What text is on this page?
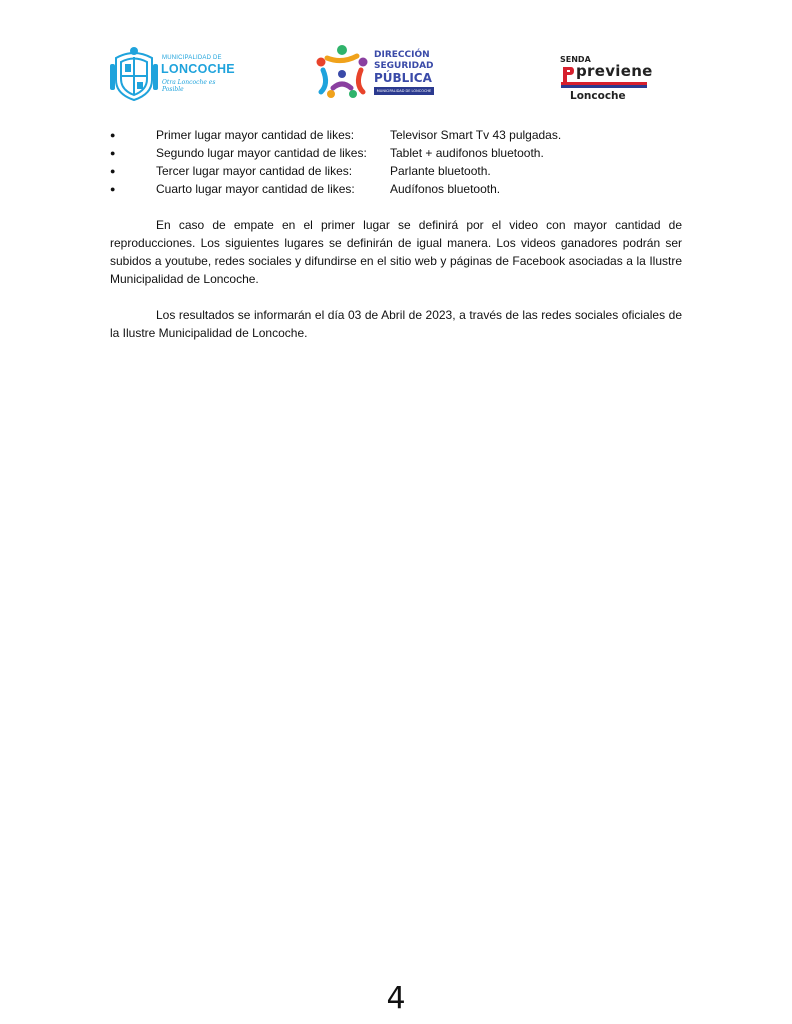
MUNICIPALIDAD DE
LONCOCHE
Otra Loncoche es Posible
DIRECCIÓN
SEGURIDAD
PÚBLICA
MUNICIPALIDAD DE LONCOCHE
SENDA
previene
Loncoche
●	Primer lugar mayor cantidad de likes:	Televisor Smart Tv 43 pulgadas.
●	Segundo lugar mayor cantidad de likes: Tablet + audifonos bluetooth.
●	Tercer lugar mayor cantidad de likes:	Parlante bluetooth.
●	Cuarto lugar mayor cantidad de likes:	Audífonos bluetooth.

En caso de empate en el primer lugar se definirá por el video con mayor cantidad de reproducciones. Los siguientes lugares se definirán de igual manera. Los videos ganadores podrán ser subidos a youtube, redes sociales y difundirse en el sitio web y páginas de Facebook asociadas a la Ilustre Municipalidad de Loncoche.

Los resultados se informarán el día 03 de Abril de 2023, a través de las redes sociales oficiales de la Ilustre Municipalidad de Loncoche.

4
